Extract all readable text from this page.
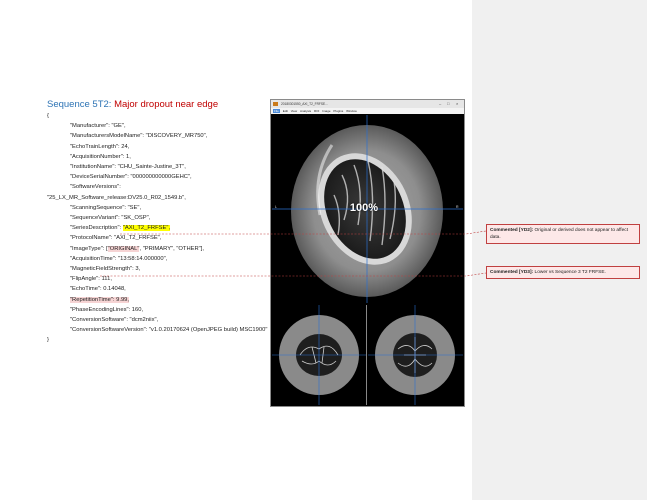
Sequence 5T2: Major dropout near edge
{
"Manufacturer": "GE",
"ManufacturersModelName": "DISCOVERY_MR750",
"EchoTrainLength": 24,
"AcquisitionNumber": 1,
"InstitutionName": "CHU_Sainte-Justine_3T",
"DeviceSerialNumber": "000000000000GEHC",
"SoftwareVersions":
"25_LX_MR_Software_release:DV25.0_R02_1549.b",
"ScanningSequence": "SE",
"SequenceVariant": "SK_OSP",
"SeriesDescription": "AXI_T2_FRFSE",
"ProtocolName": "AXI_T2_FRFSE",
"ImageType": ["ORIGINAL", "PRIMARY", "OTHER"],
"AcquisitionTime": "13:58:14.000000",
"MagneticFieldStrength": 3,
"FlipAngle": 111,
"EchoTime": 0.14048,
"RepetitionTime": 9.99,
"PhaseEncodingLines": 160,
"ConversionSoftware": "dcm2niix",
"ConversionSoftwareVersion": "v1.0.20170624 (OpenJPEG build) MSC1900"
}
20180301550_AXI_T2_FRFSE...	– □ ×
File Edit View Analysis ROI Image Plugins Window
100%
L	R
Commented [YD2]: Original or derived does not appear to affect data.
Commented [YD3]: Lower vs Sequence 3 T2 FRFSE.
